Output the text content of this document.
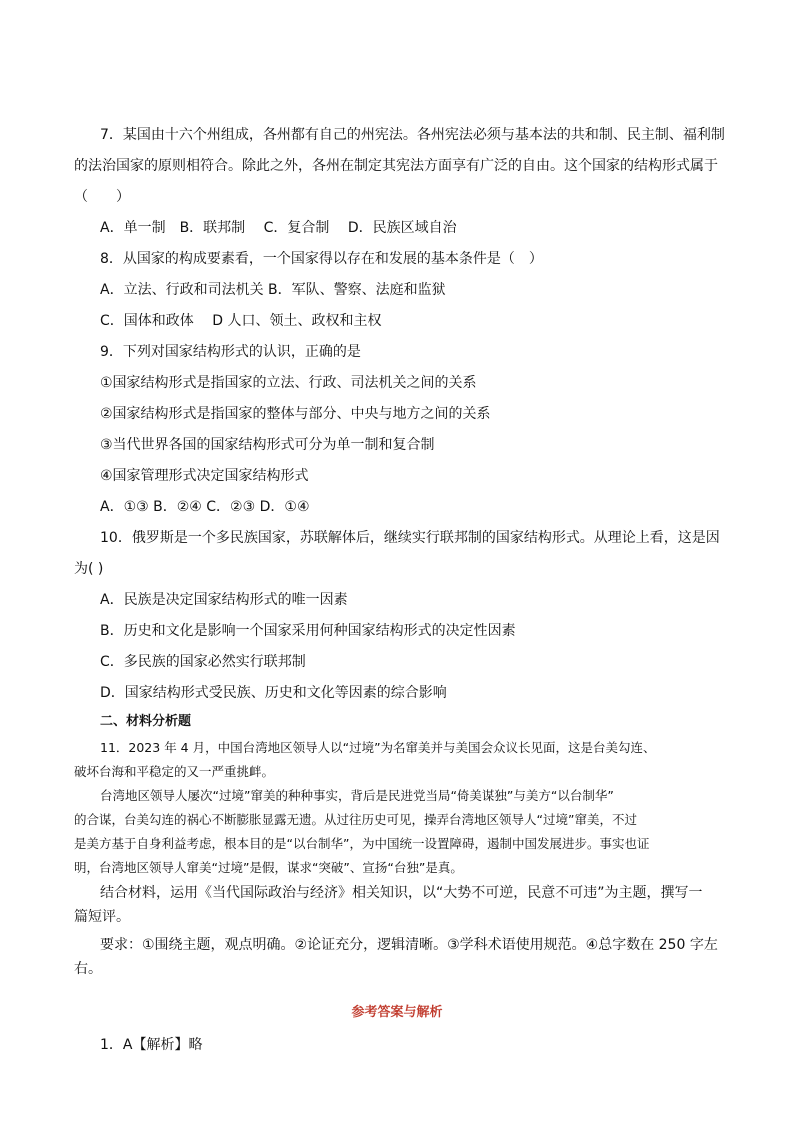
7．某国由十六个州组成，各州都有自己的州宪法。各州宪法必须与基本法的共和制、民主制、福利制
的法治国家的原则相符合。除此之外，各州在制定其宪法方面享有广泛的自由。这个国家的结构形式属于
（　　）
A．单一制　B．联邦制　 C．复合制　 D．民族区域自治
8．从国家的构成要素看，一个国家得以存在和发展的基本条件是（　）
A．立法、行政和司法机关 B．军队、警察、法庭和监狱
C．国体和政体　 D 人口、领土、政权和主权
9．下列对国家结构形式的认识，正确的是
①国家结构形式是指国家的立法、行政、司法机关之间的关系
②国家结构形式是指国家的整体与部分、中央与地方之间的关系
③当代世界各国的国家结构形式可分为单一制和复合制
④国家管理形式决定国家结构形式
A．①③ B．②④ C．②③ D．①④
10．俄罗斯是一个多民族国家，苏联解体后，继续实行联邦制的国家结构形式。从理论上看，这是因
为( )
A．民族是决定国家结构形式的唯一因素
B．历史和文化是影响一个国家采用何种国家结构形式的决定性因素
C．多民族的国家必然实行联邦制
D．国家结构形式受民族、历史和文化等因素的综合影响
二、材料分析题
11．2023 年 4 月，中国台湾地区领导人以“过境”为名窜美并与美国会众议长见面，这是台美勾连、
破坏台海和平稳定的又一严重挑衅。
台湾地区领导人屡次“过境”窜美的种种事实，背后是民进党当局“倚美谋独”与美方“以台制华”
的合谋，台美勾连的祸心不断膨胀显露无遗。从过往历史可见，操弄台湾地区领导人“过境”窜美，不过
是美方基于自身利益考虑，根本目的是“以台制华”，为中国统一设置障碍，遏制中国发展进步。事实也证
明，台湾地区领导人窜美“过境”是假，谋求“突破”、宣扬“台独”是真。
结合材料，运用《当代国际政治与经济》相关知识，以“大势不可逆，民意不可违”为主题，撰写一
篇短评。
要求：①围绕主题，观点明确。②论证充分，逻辑清晰。③学科术语使用规范。④总字数在 250 字左
右。
参考答案与解析
1．A【解析】略
